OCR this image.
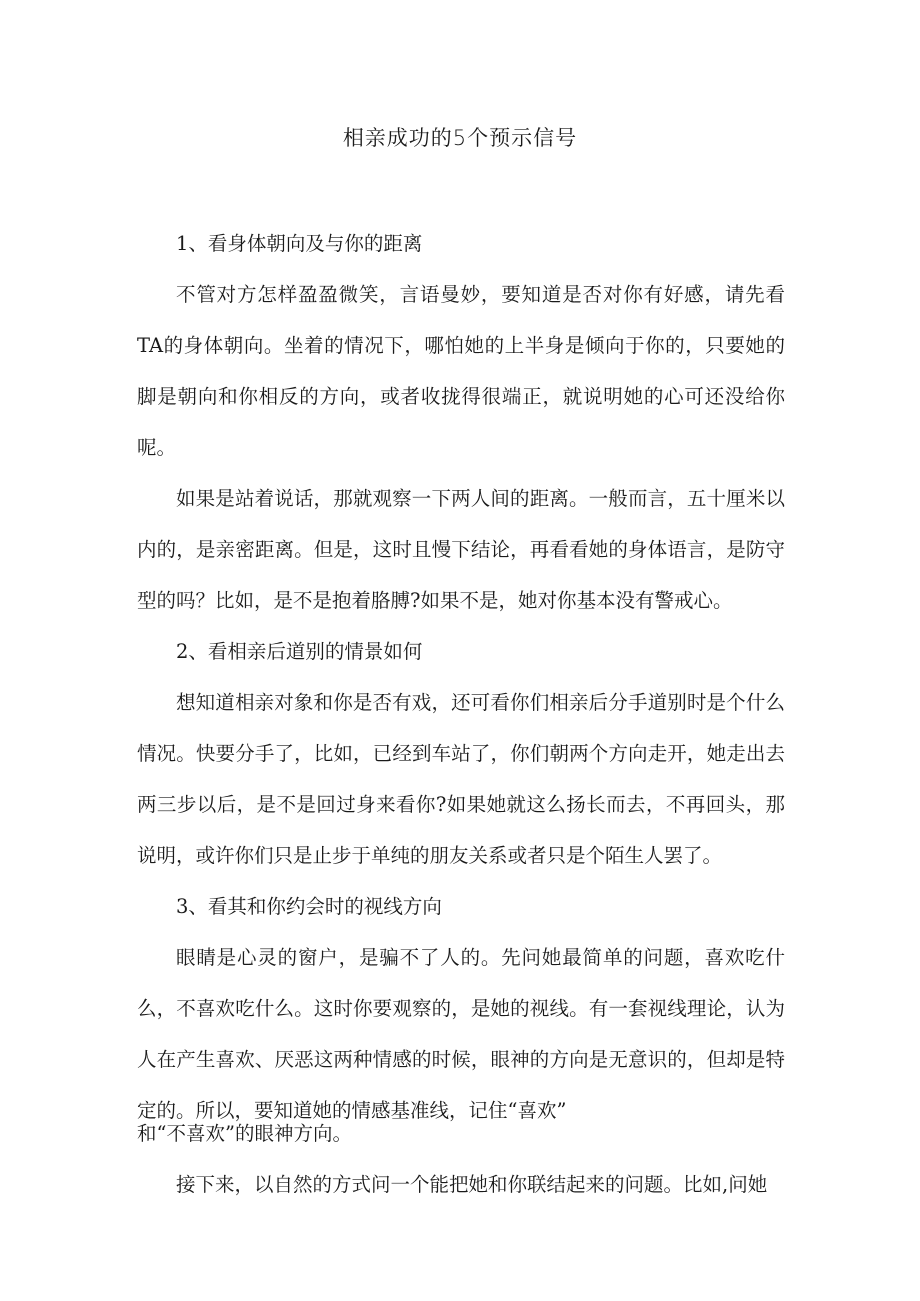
相亲成功的5个预示信号

1、看身体朝向及与你的距离

不管对方怎样盈盈微笑，言语曼妙，要知道是否对你有好感，请先看TA的身体朝向。坐着的情况下，哪怕她的上半身是倾向于你的，只要她的脚是朝向和你相反的方向，或者收拢得很端正，就说明她的心可还没给你呢。

如果是站着说话，那就观察一下两人间的距离。一般而言，五十厘米以内的，是亲密距离。但是，这时且慢下结论，再看看她的身体语言，是防守型的吗？比如，是不是抱着胳膊?如果不是，她对你基本没有警戒心。

2、看相亲后道别的情景如何

想知道相亲对象和你是否有戏，还可看你们相亲后分手道别时是个什么情况。快要分手了，比如，已经到车站了，你们朝两个方向走开，她走出去两三步以后，是不是回过身来看你?如果她就这么扬长而去，不再回头，那说明，或许你们只是止步于单纯的朋友关系或者只是个陌生人罢了。

3、看其和你约会时的视线方向

眼睛是心灵的窗户，是骗不了人的。先问她最简单的问题，喜欢吃什么，不喜欢吃什么。这时你要观察的，是她的视线。有一套视线理论，认为人在产生喜欢、厌恶这两种情感的时候，眼神的方向是无意识的，但却是特定的。所以，要知道她的情感基准线，记住“喜欢”

和“不喜欢”的眼神方向。

接下来，以自然的方式问一个能把她和你联结起来的问题。比如,问她
